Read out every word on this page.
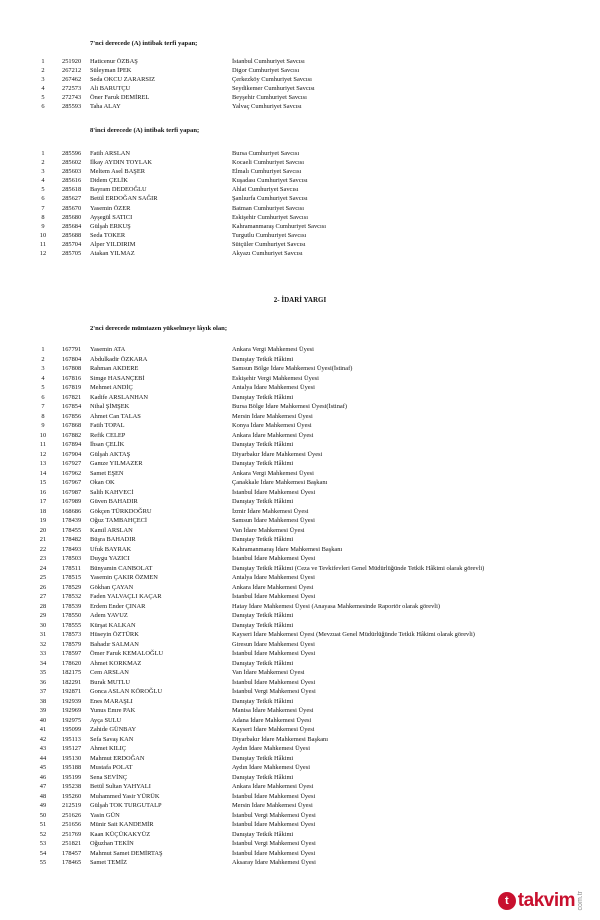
7'nci derecede (A) intibak terfi yapan;
1	251920 Haticenur ÖZBAŞ	İstanbul Cumhuriyet Savcısı
2	267212 Süleyman İPEK	Digor Cumhuriyet Savcısı
3	267462 Seda OKCU ZARARSIZ	Çerkezköy Cumhuriyet Savcısı
4	272573 Ali BARUTÇU	Seydikemer Cumhuriyet Savcısı
5	272743 Öner Faruk DEMİREL	Beyşehir Cumhuriyet Savcısı
6	285593 Taha ALAY	Yalvaç Cumhuriyet Savcısı
8'inci derecede (A) intibak terfi yapan;
1	285596 Fatih ARSLAN	Bursa Cumhuriyet Savcısı
2	285602 İlkay AYDIN TOYLAK	Kocaeli Cumhuriyet Savcısı
3	285603 Meltem Asel BAŞER	Elmalı Cumhuriyet Savcısı
4	285616 Didem ÇELİK	Kuşadası Cumhuriyet Savcısı
5	285618 Bayram DEDEOĞLU	Ahlat Cumhuriyet Savcısı
6	285627 Betül ERDOĞAN SAĞIR	Şanlıurfa Cumhuriyet Savcısı
7	285670 Yasemin ÖZER	Batman Cumhuriyet Savcısı
8	285680 Ayşegül SATICI	Eskişehir Cumhuriyet Savcısı
9	285684 Gülşah ERKUŞ	Kahramanmaraş Cumhuriyet Savcısı
10	285688 Seda TOKER	Turgutlu Cumhuriyet Savcısı
11	285704 Alper YILDIRIM	Sütçüler Cumhuriyet Savcısı
12	285705 Atakan YILMAZ	Akyazı Cumhuriyet Savcısı
2- İDARİ YARGI
2'nci derecede mümtazen yükselmeye lâyık olan;
1	167791 Yasemin ATA	Ankara Vergi Mahkemesi Üyesi
2	167804 Abdulkadir ÖZKARA	Danıştay Tetkik Hâkimi
3	167808 Rahman AKDERE	Samsun Bölge İdare Mahkemesi Üyesi(İstinaf)
4	167816 Simge HASANÇEBİ	Eskişehir Vergi Mahkemesi Üyesi
5	167819 Mehmet ANDİÇ	Antalya İdare Mahkemesi Üyesi
6	167821 Kadife ARSLANHAN	Danıştay Tetkik Hâkimi
7	167854 Nihal ŞİMŞEK	Bursa Bölge İdare Mahkemesi Üyesi(İstinaf)
8	167856 Ahmet Can TALAS	Mersin İdare Mahkemesi Üyesi
9	167868 Fatih TOPAL	Konya İdare Mahkemesi Üyesi
10	167882 Refik CELEP	Ankara İdare Mahkemesi Üyesi
11	167894 İhsan ÇELİK	Danıştay Tetkik Hâkimi
12	167904 Gülşah AKTAŞ	Diyarbakır İdare Mahkemesi Üyesi
13	167927 Gamze YILMAZER	Danıştay Tetkik Hâkimi
14	167962 Samet EŞEN	Ankara Vergi Mahkemesi Üyesi
15	167967 Okan OK	Çanakkale İdare Mahkemesi Başkanı
16	167987 Salih KAHVECİ	İstanbul İdare Mahkemesi Üyesi
17	167989 Güven BAHADIR	Danıştay Tetkik Hâkimi
18	168686 Gökçen TÜRKDOĞRU	İzmir İdare Mahkemesi Üyesi
19	178439 Oğuz TAMBAHÇECİ	Samsun İdare Mahkemesi Üyesi
20	178455 Kamil ARSLAN	Van İdare Mahkemesi Üyesi
21	178482 Büşra BAHADIR	Danıştay Tetkik Hâkimi
22	178493 Ufuk BAYRAK	Kahramanmaraş İdare Mahkemesi Başkanı
23	178503 Duygu YAZICI	İstanbul İdare Mahkemesi Üyesi
24	178511 Bünyamin CANBOLAT	Danıştay Tetkik Hâkimi (Ceza ve Tevkifevleri Genel Müdürlüğünde Tetkik Hâkimi olarak görevli)
25	178515 Yasemin ÇAKIR ÖZMEN	Antalya İdare Mahkemesi Üyesi
26	178529 Gökhan ÇAYAN	Ankara İdare Mahkemesi Üyesi
27	178532 Faden YALVAÇLI KAÇAR	İstanbul İdare Mahkemesi Üyesi
28	178539 Erdem Ender ÇINAR	Hatay İdare Mahkemesi Üyesi (Anayasa Mahkemesinde Raportör olarak görevli)
29	178550 Adem YAVUZ	Danıştay Tetkik Hâkimi
30	178555 Kürşat KALKAN	Danıştay Tetkik Hâkimi
31	178573 Hüseyin ÖZTÜRK	Kayseri İdare Mahkemesi Üyesi (Mevzuat Genel Müdürlüğünde Tetkik Hâkimi olarak görevli)
32	178579 Bahadır SALMAN	Giresun İdare Mahkemesi Üyesi
33	178597 Ömer Faruk KEMALOĞLU	İstanbul İdare Mahkemesi Üyesi
34	178620 Ahmet KORKMAZ	Danıştay Tetkik Hâkimi
35	182175 Cem ARSLAN	Van İdare Mahkemesi Üyesi
36	182291 Burak MUTLU	İstanbul İdare Mahkemesi Üyesi
37	192871 Gonca ASLAN KÖROĞLU	İstanbul Vergi Mahkemesi Üyesi
38	192939 Enes MARAŞLI	Danıştay Tetkik Hâkimi
39	192969 Yunus Emre PAK	Manisa İdare Mahkemesi Üyesi
40	192975 Ayça SULU	Adana İdare Mahkemesi Üyesi
41	195099 Zahide GÜNBAY	Kayseri İdare Mahkemesi Üyesi
42	195113 Sefa Savaş KAN	Diyarbakır İdare Mahkemesi Başkanı
43	195127 Ahmet KILIÇ	Aydın İdare Mahkemesi Üyesi
44	195130 Mahmut ERDOĞAN	Danıştay Tetkik Hâkimi
45	195188 Mustafa POLAT	Aydın İdare Mahkemesi Üyesi
46	195199 Sena SEVİNÇ	Danıştay Tetkik Hâkimi
47	195238 Betül Sultan YAHYALI	Ankara İdare Mahkemesi Üyesi
48	195260 Muhammed Yasir YÜRÜK	İstanbul İdare Mahkemesi Üyesi
49	212519 Gülşah TOK TURGUTALP	Mersin İdare Mahkemesi Üyesi
50	251626 Yasin GÜN	İstanbul Vergi Mahkemesi Üyesi
51	251656 Münir Sait KANDEMİR	İstanbul İdare Mahkemesi Üyesi
52	251769 Kaan KÜÇÜKAKYÜZ	Danıştay Tetkik Hâkimi
53	251821 Oğuzhan TEKİN	İstanbul Vergi Mahkemesi Üyesi
54	178457 Mahmut Samet DEMİRTAŞ	İstanbul İdare Mahkemesi Üyesi
55	178465 Samet TEMİZ	Aksaray İdare Mahkemesi Üyesi
t takvim com.tr
